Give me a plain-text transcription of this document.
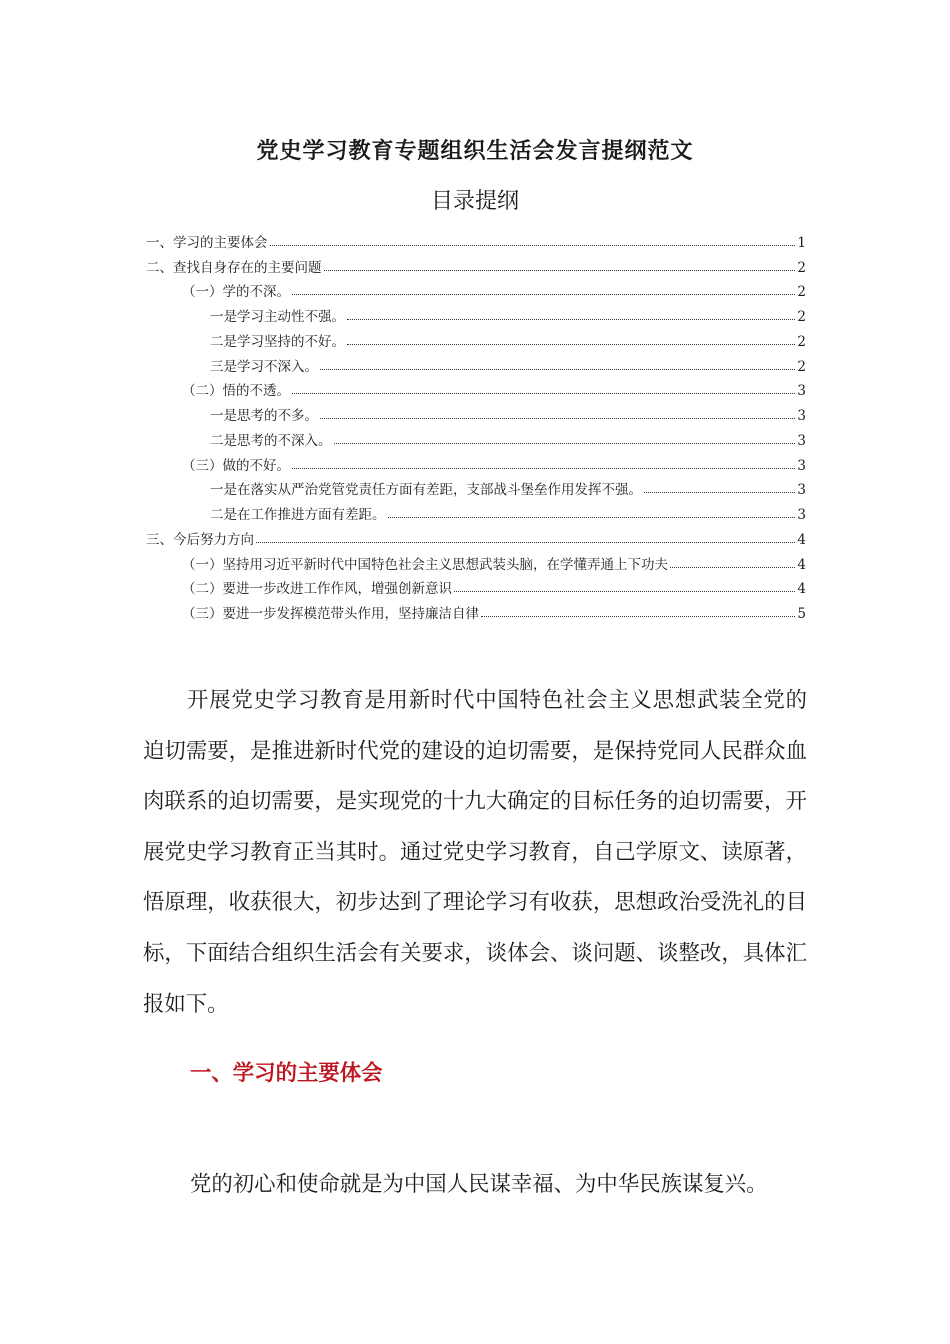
党史学习教育专题组织生活会发言提纲范文
目录提纲
一、学习的主要体会	1
二、查找自身存在的主要问题	2
（一）学的不深。	2
一是学习主动性不强。	2
二是学习坚持的不好。	2
三是学习不深入。	2
（二）悟的不透。	3
一是思考的不多。	3
二是思考的不深入。	3
（三）做的不好。	3
一是在落实从严治党管党责任方面有差距，支部战斗堡垒作用发挥不强。	3
二是在工作推进方面有差距。	3
三、今后努力方向	4
（一）坚持用习近平新时代中国特色社会主义思想武装头脑，在学懂弄通上下功夫	4
（二）要进一步改进工作作风，增强创新意识	4
（三）要进一步发挥模范带头作用，坚持廉洁自律	5

开展党史学习教育是用新时代中国特色社会主义思想武装全党的迫切需要，是推进新时代党的建设的迫切需要，是保持党同人民群众血肉联系的迫切需要，是实现党的十九大确定的目标任务的迫切需要，开展党史学习教育正当其时。通过党史学习教育，自己学原文、读原著，悟原理，收获很大，初步达到了理论学习有收获，思想政治受洗礼的目标，下面结合组织生活会有关要求，谈体会、谈问题、谈整改，具体汇报如下。

一、学习的主要体会

党的初心和使命就是为中国人民谋幸福、为中华民族谋复兴。
